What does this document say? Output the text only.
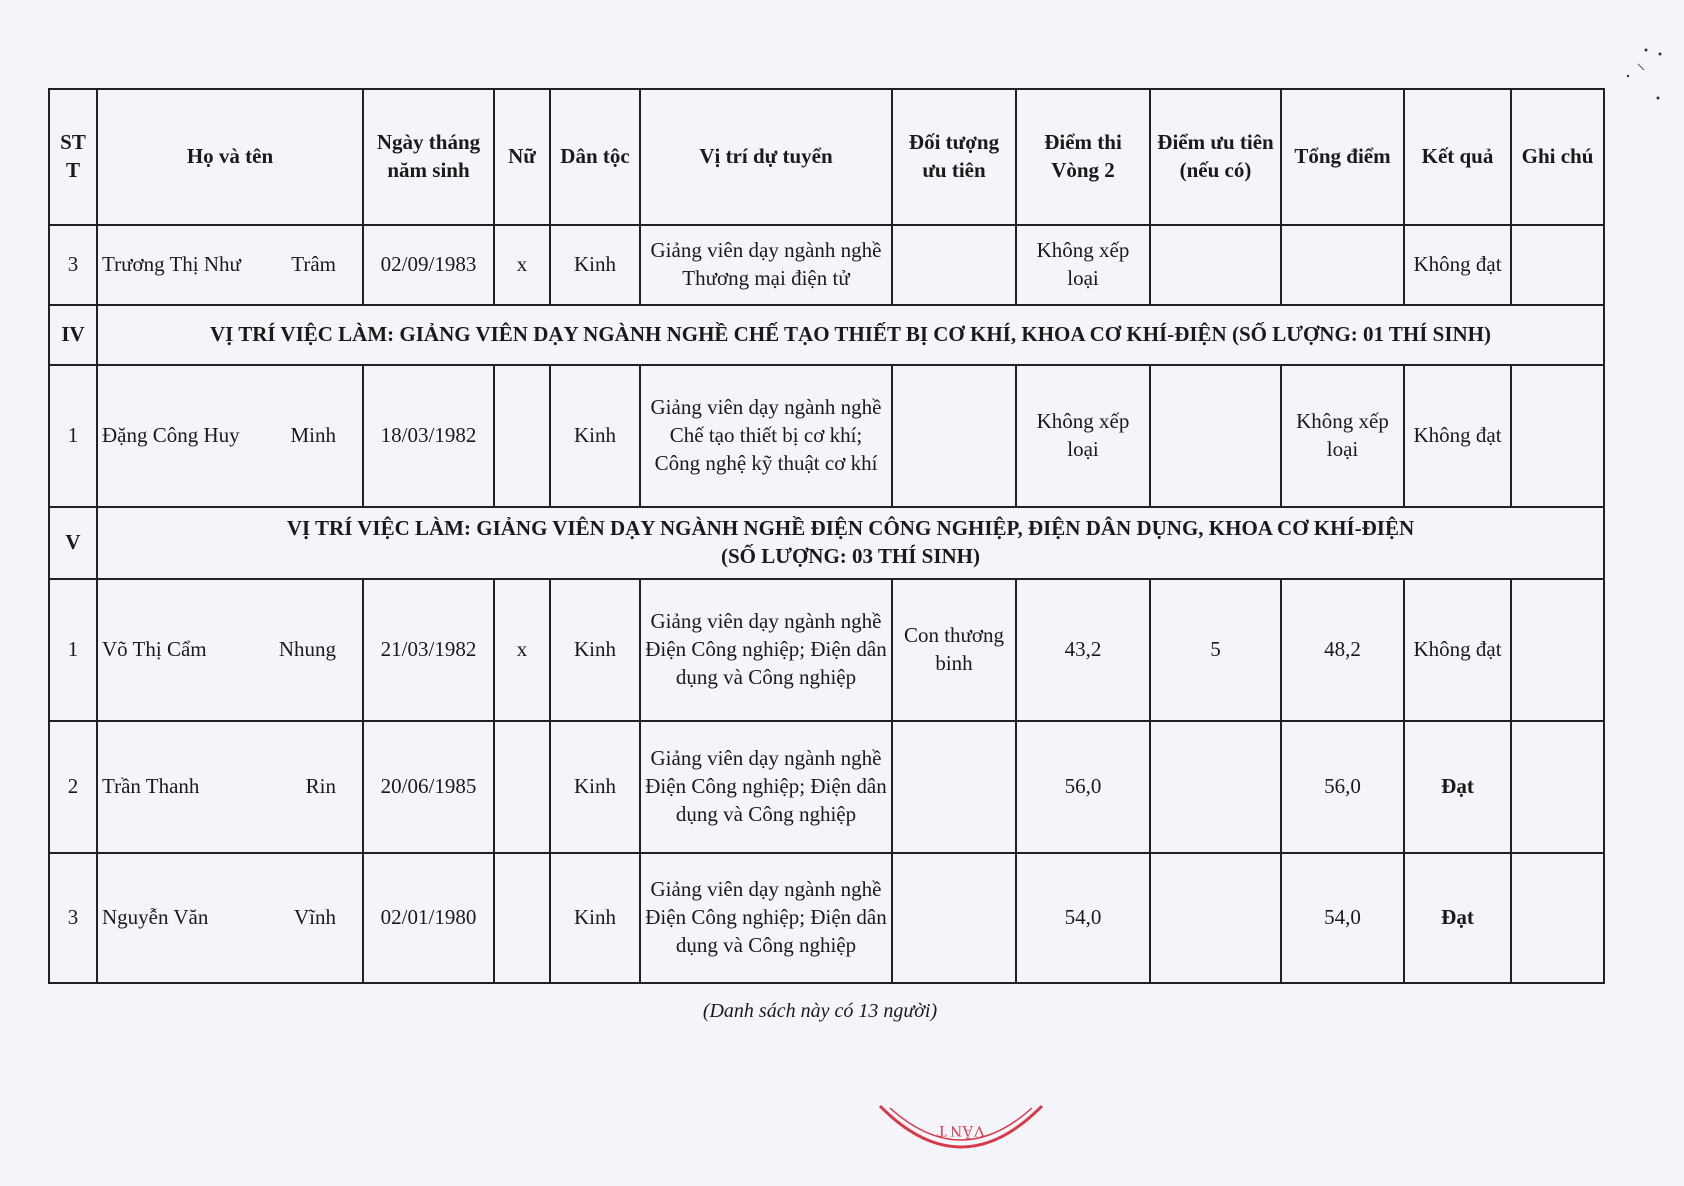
ST T	Họ và tên	Ngày tháng năm sinh	Nữ	Dân tộc	Vị trí dự tuyển	Đối tượng ưu tiên	Điểm thi Vòng 2	Điểm ưu tiên (nếu có)	Tổng điểm	Kết quả	Ghi chú
3	Trương Thị Như Trâm	02/09/1983	x	Kinh	Giảng viên dạy ngành nghề Thương mại điện tử		Không xếp loại			Không đạt	
IV	VỊ TRÍ VIỆC LÀM: GIẢNG VIÊN DẠY NGÀNH NGHỀ CHẾ TẠO THIẾT BỊ CƠ KHÍ, KHOA CƠ KHÍ-ĐIỆN (SỐ LƯỢNG: 01 THÍ SINH)										
1	Đặng Công Huy Minh	18/03/1982		Kinh	Giảng viên dạy ngành nghề Chế tạo thiết bị cơ khí; Công nghệ kỹ thuật cơ khí		Không xếp loại		Không xếp loại	Không đạt	
V	VỊ TRÍ VIỆC LÀM: GIẢNG VIÊN DẠY NGÀNH NGHỀ ĐIỆN CÔNG NGHIỆP, ĐIỆN DÂN DỤNG, KHOA CƠ KHÍ-ĐIỆN
(SỐ LƯỢNG: 03 THÍ SINH)										

1	Võ Thị Cẩm Nhung	21/03/1982	x	Kinh	Giảng viên dạy ngành nghề Điện Công nghiệp; Điện dân dụng và Công nghiệp	Con thương binh	43,2	5	48,2	Không đạt	
2	Trần Thanh Rin	20/06/1985		Kinh	Giảng viên dạy ngành nghề Điện Công nghiệp; Điện dân dụng và Công nghiệp		56,0		56,0	Đạt	
3	Nguyễn Văn Vĩnh	02/01/1980		Kinh	Giảng viên dạy ngành nghề Điện Công nghiệp; Điện dân dụng và Công nghiệp		54,0		54,0	Đạt	
(Danh sách này có 13 người)
VĂN T
